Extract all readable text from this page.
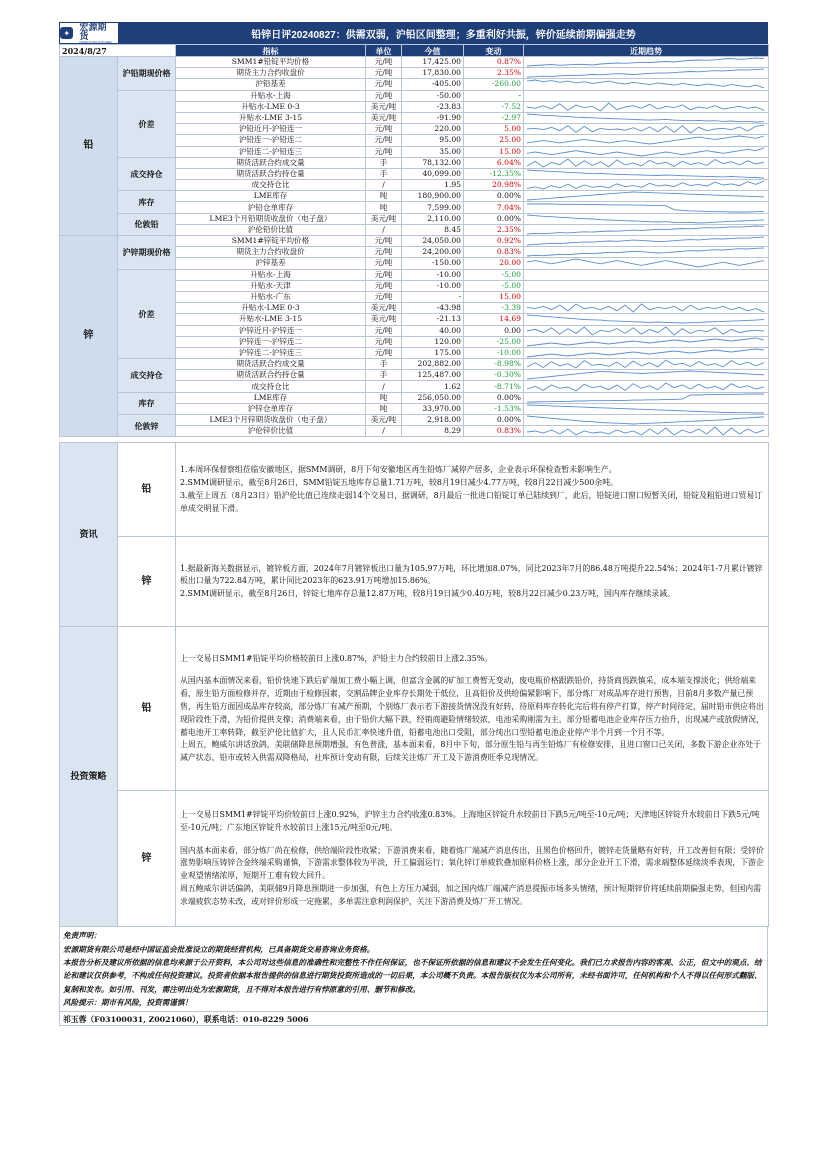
✦
宏源期货
HONGYUAN FUTURES
铅锌日评20240827：供需双弱，沪铅区间整理；多重利好共振，锌价延续前期偏强走势
2024/8/27		指标	单位	今值	变动	近期趋势
铅	沪铅期现价格	SMM1#铅锭平均价格	元/吨	17,425.00	0.87%	

		期货主力合约收盘价	元/吨	17,830.00	2.35%	

		沪铅基差	元/吨	-405.00	-260.00	

	价差	升贴水-上海	元/吨	-50.00	-	
		升贴水-LME 0-3	美元/吨	-23.83	-7.52	

		升贴水-LME 3-15	美元/吨	-91.90	-2.97	

		沪铅近月-沪铅连一	元/吨	220.00	5.00	

		沪铅连一-沪铅连二	元/吨	95.00	25.00	

		沪铅连二-沪铅连三	元/吨	35.00	15.00	

	成交持仓	期货活跃合约成交量	手	78,132.00	6.04%	

		期货活跃合约持仓量	手	40,099.00	-12.35%	

		成交持仓比	/	1.95	20.98%	

	库存	LME库存	吨	180,900.00	0.00%	

		沪铅仓单库存	吨	7,599.00	7.04%	

	伦敦铅	LME3个月铅期货收盘价（电子盘）	美元/吨	2,110.00	0.00%	

		沪伦铅价比值	/	8.45	2.35%	

锌	沪锌期现价格	SMM1#锌锭平均价格	元/吨	24,050.00	0.92%	

		期货主力合约收盘价	元/吨	24,200.00	0.83%	

		沪锌基差	元/吨	-150.00	20.00	

	价差	升贴水-上海	元/吨	-10.00	-5.00	
		升贴水-天津	元/吨	-10.00	-5.00	
		升贴水-广东	元/吨	-	15.00	
		升贴水-LME 0-3	美元/吨	-43.98	-3.39	

		升贴水-LME 3-15	美元/吨	-21.13	14.69	

		沪锌近月-沪锌连一	元/吨	40.00	0.00	

		沪锌连一-沪锌连二	元/吨	120.00	-25.00	

		沪锌连二-沪锌连三	元/吨	175.00	-10.00	

	成交持仓	期货活跃合约成交量	手	202,882.00	-8.98%	

		期货活跃合约持仓量	手	125,487.00	-0.30%	

		成交持仓比	/	1.62	-8.71%	

	库存	LME库存	吨	256,050.00	0.00%	

		沪锌仓单库存	吨	33,970.00	-1.53%	

	伦敦锌	LME3个月锌期货收盘价（电子盘）	美元/吨	2,918.00	0.00%	

		沪伦锌价比值	/	8.29	0.83%	
资讯	铅	1.本周环保督察组莅临安徽地区，据SMM调研，8月下旬安徽地区再生铅炼厂减停产居多，企业表示环保检查暂未影响生产。

2.SMM调研显示，截至8月26日，SMM铅锭五地库存总量1.71万吨，较8月19日减少4.77万吨，较8月22日减少500余吨。

3.截至上周五（8月23日）铅沪伦比值已连续走弱14个交易日，据调研，8月最后一批进口铅锭订单已陆续到厂，此后，铅锭进口窗口短暂关闭，铅锭及粗铅进口贸易订单成交明显下滑。

	锌	1.据最新海关数据显示，镀锌板方面，2024年7月镀锌板出口量为105.97万吨，环比增加8.07%，同比2023年7月的86.48万吨提升22.54%；2024年1-7月累计镀锌板出口量为722.84万吨，累计同比2023年的623.91万吨增加15.86%。

2.SMM调研显示，截至8月26日，锌锭七地库存总量12.87万吨，较8月19日减少0.40万吨，较8月22日减少0.23万吨，国内库存继续录减。

投资策略	铅	上一交易日SMM1#铅锭平均价格较前日上涨0.87%，沪铅主力合约较前日上涨2.35%。

从国内基本面情况来看，铅价快速下跌后矿端加工费小幅上调，但富含金属的矿加工费暂无变动，废电瓶价格跟跌铅价，持货商畏跌慎采，成本端支撑淡化；供给端来看，原生铅方面检修并存，近期由于检修因素，交割品牌企业库存长期处于低位，且高铅价及供给偏紧影响下，部分炼厂对成品库存进行预售，目前8月多数产量已预售，再生铅方面因成品库存较高，部分炼厂有减产预期，个别炼厂表示若下游接货情况没有好转，待原料库存转化完后将有停产打算，停产时间待定，届时铅市供应将出现阶段性下滑，为铅价提供支撑；消费端来看，由于铅价大幅下跌，经销商避险情绪较浓，电池采购刚需为主，部分铅蓄电池企业库存压力抬升，出现减产或放假情况，蓄电池开工率转降，截至沪伦比值扩大，且人民币汇率快速升值，铅蓄电池出口受阻，部分纯出口型铅蓄电池企业停产半个月到一个月不等。

上周五，鲍威尔讲话放鸽，美联储降息预期增强，有色普涨，基本面来看，8月中下旬，部分原生铅与再生铅炼厂有检修安排，且进口窗口已关闭，多数下游企业亦处于减产状态，铅市或转入供需双降格局，社库预计变动有限，后续关注炼厂开工及下游消费旺季兑现情况。

	锌	上一交易日SMM1#锌锭平均价较前日上涨0.92%，沪锌主力合约收涨0.83%。上海地区锌锭升水较前日下跌5元/吨至-10元/吨；天津地区锌锭升水较前日下跌5元/吨至-10元/吨；广东地区锌锭升水较前日上涨15元/吨至0元/吨。

国内基本面来看，部分炼厂尚在检修，供给端阶段性收紧；下游消费来看，随着炼厂端减产消息传出，且黑色价格回升，镀锌走货量略有好转，开工改善但有限；受锌价涨势影响压铸锌合金终端采购谨慎，下游需求整体较为平淡，开工偏弱运行；氧化锌订单疲软叠加原料价格上涨，部分企业开工下滑，需求端整体延续淡季表现，下游企业观望情绪浓厚，短期开工难有较大回升。

周五鲍威尔讲话偏鸽，美联储9月降息预期进一步加强，有色上方压力减弱，加之国内炼厂端减产消息提振市场多头情绪，预计短期锌价将延续前期偏强走势，但国内需求端疲软态势未改，或对锌价形成一定拖累，多单需注意利润保护，关注下游消费及炼厂开工情况。

免责声明：

宏源期货有限公司是经中国证监会批准设立的期货经营机构，已具备期货交易咨询业务资格。

本报告分析及建议所依据的信息均来源于公开资料，本公司对这些信息的准确性和完整性不作任何保证，也不保证所依据的信息和建议不会发生任何变化。我们已力求报告内容的客观、公正，但文中的观点、结论和建议仅供参考，不构成任何投资建议。投资者依据本报告提供的信息进行期货投资所造成的一切后果，本公司概不负责。本报告版权仅为本公司所有，未经书面许可，任何机构和个人不得以任何形式翻版、复制和发布。如引用、刊发，需注明出处为宏源期货，且不得对本报告进行有悖原意的引用、删节和修改。

风险提示：期市有风险，投资需谨慎！

祁玉蓉（F03100031, Z0021060），联系电话：010-8229 5006
